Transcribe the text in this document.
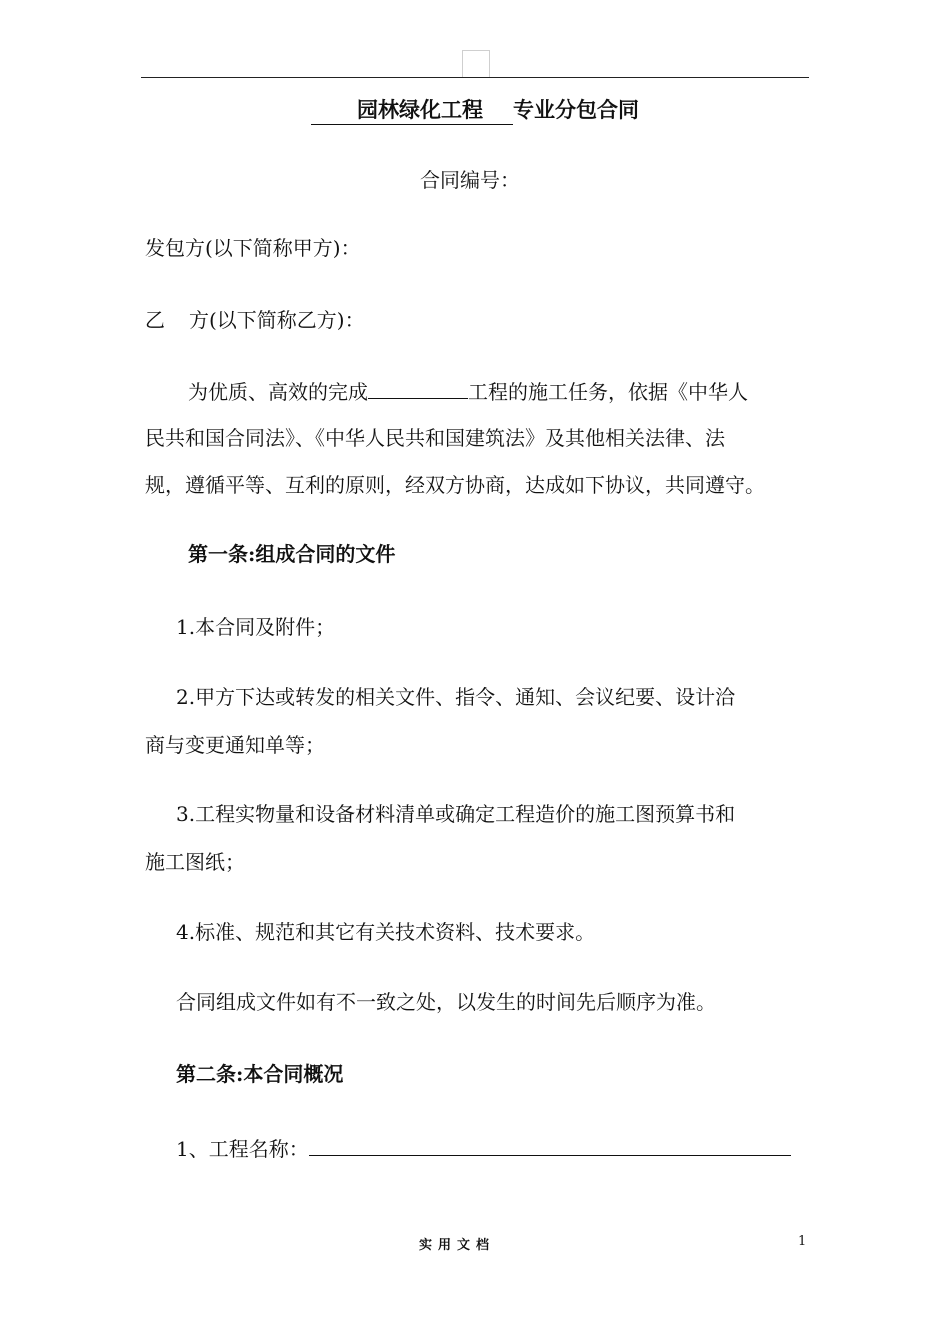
园林绿化工程 专业分包合同
合同编号：
发包方(以下简称甲方)：
乙 方(以下简称乙方)：
为优质、高效的完成	工程的施工任务，依据《中华人
民共和国合同法》、《中华人民共和国建筑法》及其他相关法律、法
规，遵循平等、互利的原则，经双方协商，达成如下协议，共同遵守。
第一条:组成合同的文件
1.本合同及附件；
2.甲方下达或转发的相关文件、指令、通知、会议纪要、设计洽
商与变更通知单等；
3.工程实物量和设备材料清单或确定工程造价的施工图预算书和
施工图纸；
4.标准、规范和其它有关技术资料、技术要求。
合同组成文件如有不一致之处，以发生的时间先后顺序为准。
第二条:本合同概况
1、工程名称：
实用文档	1
